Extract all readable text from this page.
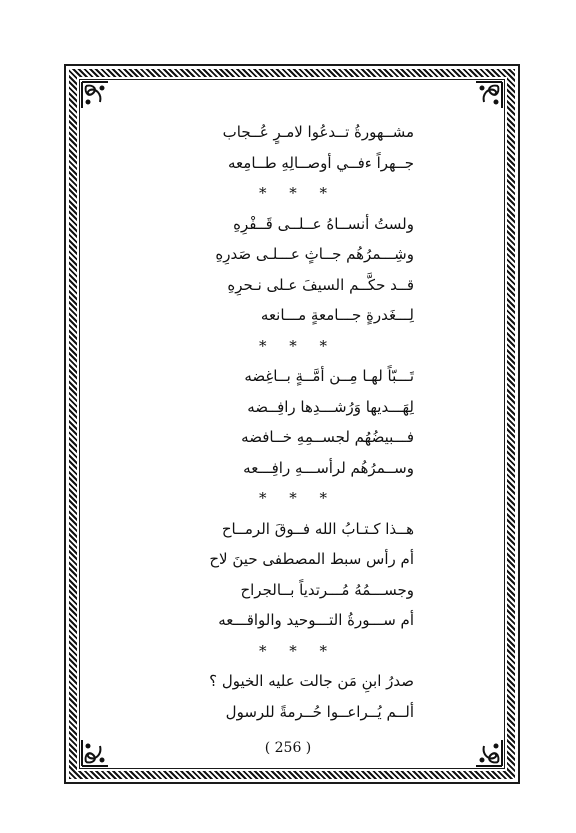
مشــهورةُ تــدعُوا لامـرٍ عُــجاب
جــهراً ءفــي أوصــالِهِ طــامِعه
* * *
ولستُ أنســاهُ عــلــى قَــفْرِهِ
وشِـــمرُهُم جــاثٍ عـــلـى صَدرِهِ
قــد حكَّــم السيفَ عـلى نـحرِهِ
لِـــغَدرةٍ جـــامعةٍ مـــانعه
* * *
تَـــبّاً لهـا مِــن أمَّــةٍ بــاغِضه
لِهَـــديها وَرُشـــدِها رافِــضه
فـــبيضُهُم لجســمِهِ خــافضه
وســمرُهُم لرأســـهِ رافِـــعه
* * *
هــذا كـتـابُ الله فــوقَ الرمــاح
أم رأس سبط المصطفى حينَ لاح
وجســـمُهُ مُـــرتدياً بــالجراح
أم ســـورةُ التـــوحيد والواقـــعه
* * *
صدرُ ابنِ مَن جالت عليه الخيول ؟
ألــم يُــراعــوا حُــرمةً للرسول
( 256 )
